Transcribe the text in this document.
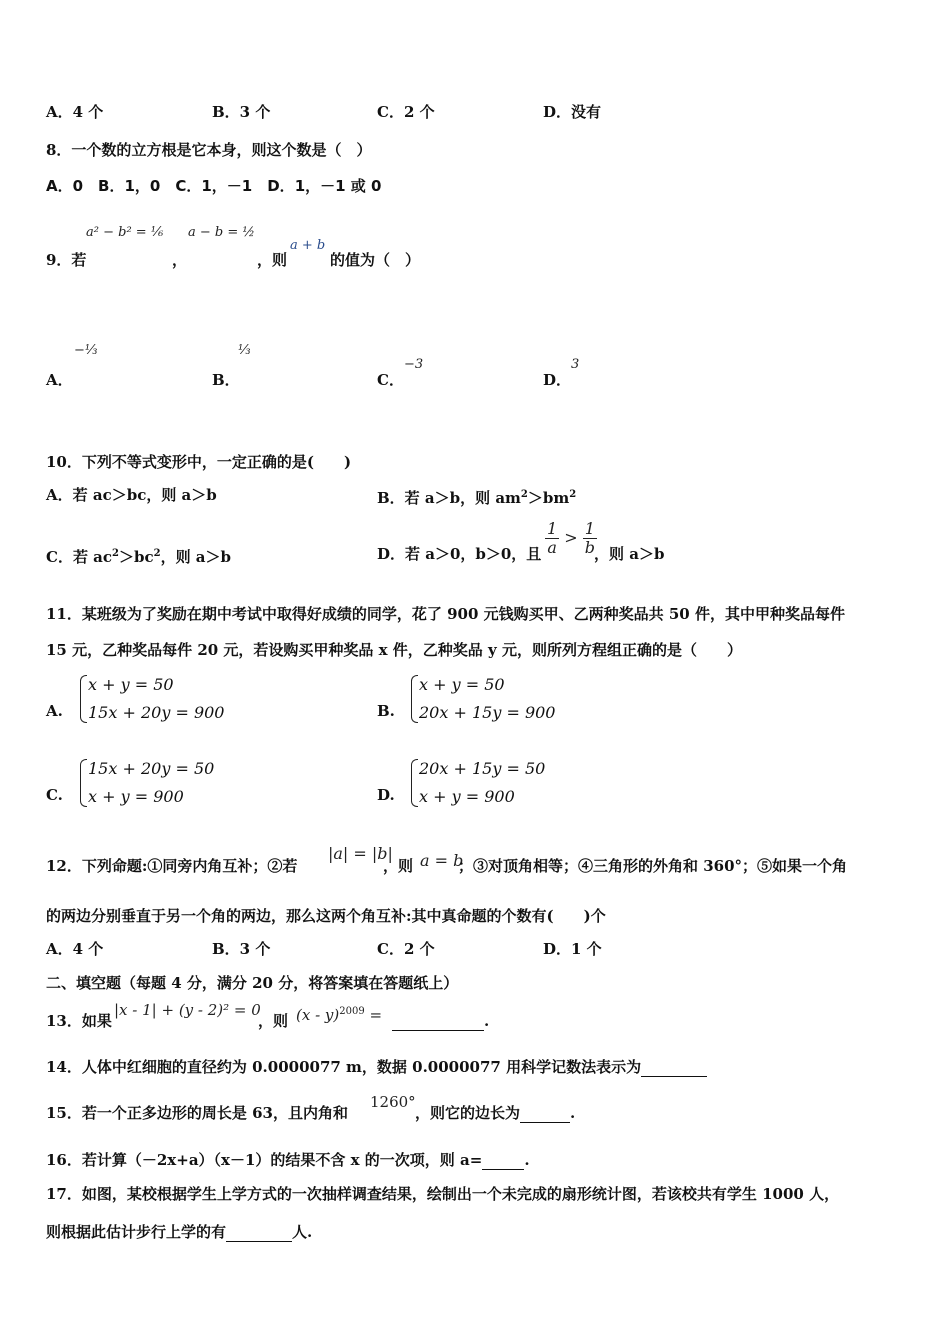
A．4 个	B．3 个	C．2 个	D．没有
8．一个数的立方根是它本身，则这个数是（　）
A．0　B．1，0　C．1，－1　D．1，－1 或 0
a² − b² = ⅙ a − b = ½
a + b
9．若	，	，则	的值为（　）
A．
−⅓
B．
⅓
C．
−3
D．
3
10．下列不等式变形中，一定正确的是(　　)
A．若 ac＞bc，则 a＞b	B．若 a＞b，则 $am^2>bm^2$
C．若 $ac^2>bc^2$，则 a＞b	D．若 a＞0，b＞0，且 $\frac{1}{a} > \frac{1}{b}$
，则 a＞b
11．某班级为了奖励在期中考试中取得好成绩的同学，花了 900 元钱购买甲、乙两种奖品共 50 件，其中甲种奖品每件
15 元，乙种奖品每件 20 元，若设购买甲种奖品 x 件，乙种奖品 y 元，则所列方程组正确的是（　　）
A.
x + y = 50
15x + 20y = 900	B.
x + y = 50
20x + 15y = 900
C.
15x + 20y = 50
x + y = 900	D.
20x + 15y = 50
x + y = 900
12．下列命题:①同旁内角互补；②若
|a| = |b|
，则 a = b
；③对顶角相等；④三角形的外角和 360°；⑤如果一个角
的两边分别垂直于另一个角的两边，那么这两个角互补:其中真命题的个数有(　　)个
A．4 个	B．3 个	C．2 个	D．1 个
二、填空题（每题 4 分，满分 20 分，将答案填在答题纸上）
13．如果
|x - 1| + (y - 2)² = 0
，则 (x - y)$^{2009}$ =	.
14．人体中红细胞的直径约为 0.0000077 m，数据 0.0000077 用科学记数法表示为
15．若一个正多边形的周长是 63，且内角和
1260°
，则它的边长为	.
16．若计算（－2x+a）（x－1）的结果不含 x 的一次项，则 a=	.
17．如图，某校根据学生上学方式的一次抽样调查结果，绘制出一个未完成的扇形统计图，若该校共有学生 1000 人，
则根据此估计步行上学的有	人.
